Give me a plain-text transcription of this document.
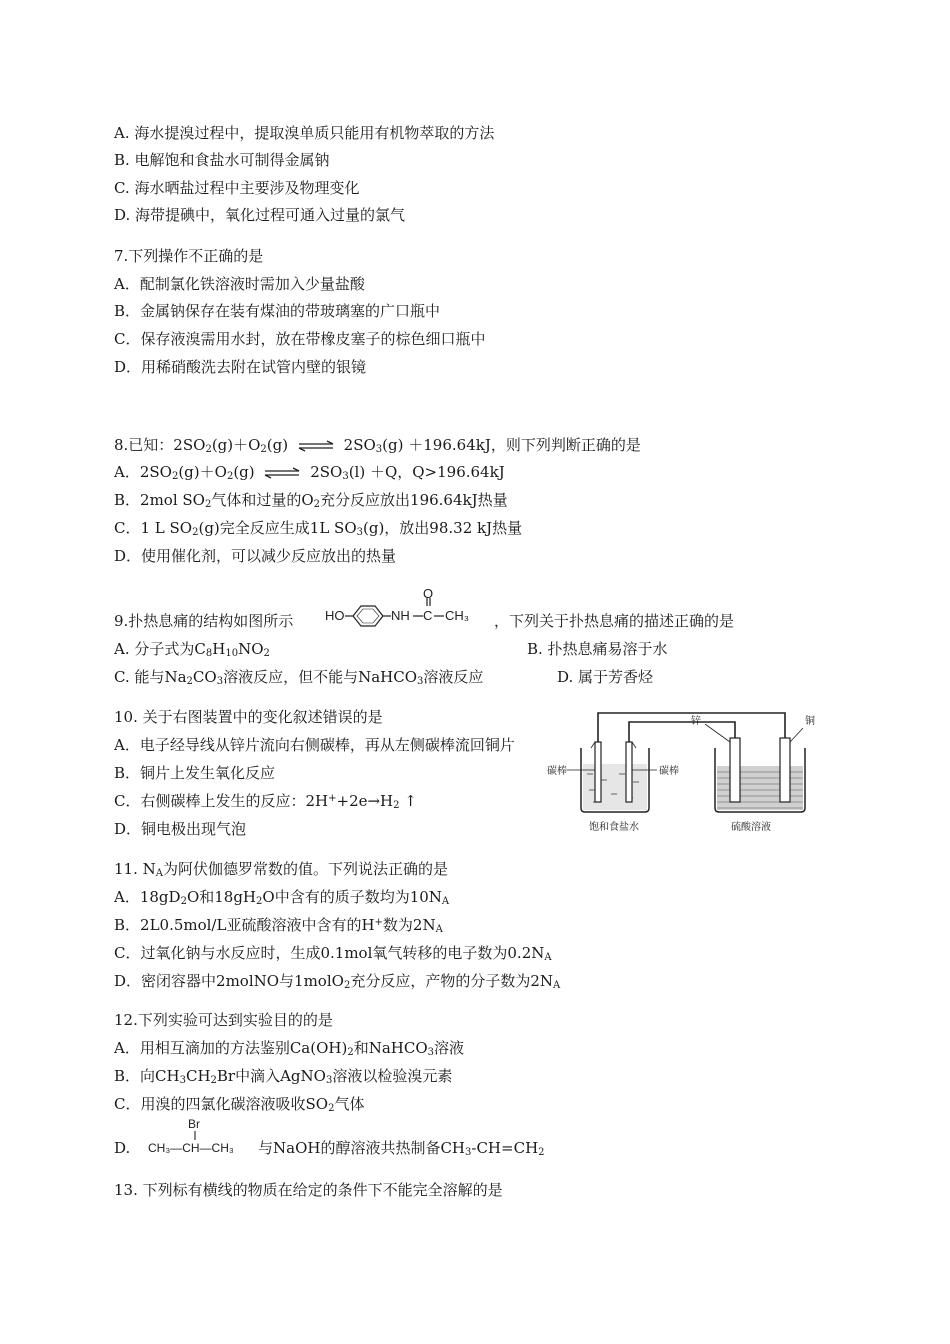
A. 海水提溴过程中，提取溴单质只能用有机物萃取的方法
B. 电解饱和食盐水可制得金属钠
C. 海水晒盐过程中主要涉及物理变化
D. 海带提碘中，氧化过程可通入过量的氯气
7.下列操作不正确的是
A．配制氯化铁溶液时需加入少量盐酸
B．金属钠保存在装有煤油的带玻璃塞的广口瓶中
C．保存液溴需用水封，放在带橡皮塞子的棕色细口瓶中
D．用稀硝酸洗去附在试管内壁的银镜
8.已知：$2SO_2(g)+O_2(g)$ ⇌ $2SO_3(g) +196.64kJ$，则下列判断正确的是
A．$2SO_2(g)+O_2(g)$ ⇌ $2SO_3(l) +Q$，Q>196.64kJ
B．2mol $SO_2$气体和过量的$O_2$充分反应放出196.64kJ热量
C．1 L $SO_2(g)$完全反应生成1L $SO_3(g)$，放出98.32 kJ热量
D．使用催化剂，可以减少反应放出的热量
9.扑热息痛的结构如图所示 HO	NH C
O
CH₃ ，下列关于扑热息痛的描述正确的是
A. 分子式为$C_8H_{10}NO_2$	B. 扑热息痛易溶于水
C. 能与$Na_2CO_3$溶液反应，但不能与NaHCO$_3$溶液反应	D. 属于芳香烃
10. 关于右图装置中的变化叙述错误的是
A．电子经导线从锌片流向右侧碳棒，再从左侧碳棒流回铜片
B．铜片上发生氧化反应
C．右侧碳棒上发生的反应：$2H^++2e\to H_2$ ↑
D．铜电极出现气泡
碳棒	碳棒
饱和食盐水
锌	铜
硫酸溶液
11. $N_A$为阿伏伽德罗常数的值。下列说法正确的是
A．$18gD_2O$和$18gH_2O$中含有的质子数均为$10N_A$
B．2L0.5mol/L亚硫酸溶液中含有的H+数为$2N_A$
C．过氧化钠与水反应时，生成0.1mol氧气转移的电子数为$0.2N_A$
D．密闭容器中2molNO与1molO$_2$充分反应，产物的分子数为$2N_A$
12.下列实验可达到实验目的的是
A．用相互滴加的方法鉴别$Ca(OH)_2$和NaHCO$_3$溶液
B．向$CH_3CH_2Br$中滴入AgNO$_3$溶液以检验溴元素
C．用溴的四氯化碳溶液吸收$SO_2$气体
D.
Br
CH₃—CH—CH₃ 与NaOH的醇溶液共热制备$CH_3-CH=CH_2$
13. 下列标有横线的物质在给定的条件下不能完全溶解的是
